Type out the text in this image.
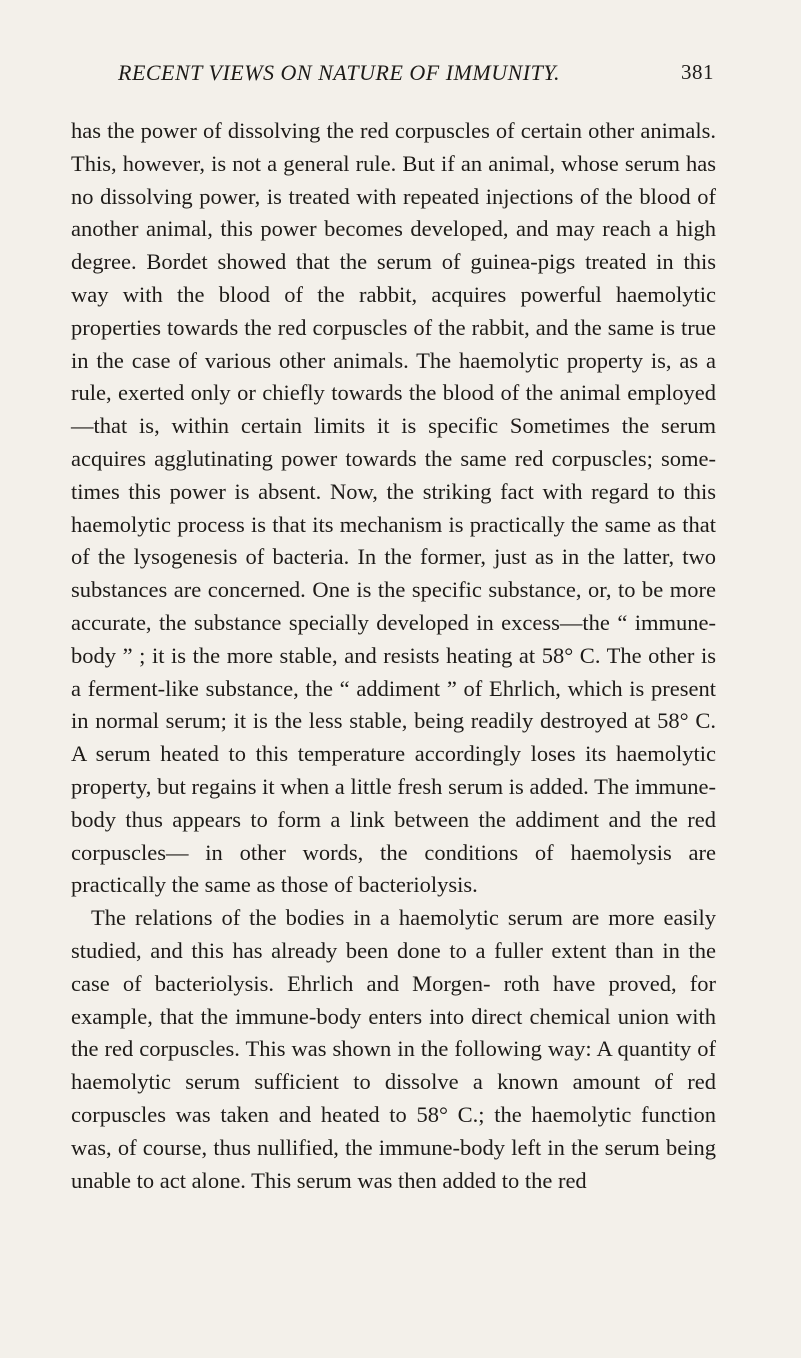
RECENT VIEWS ON NATURE OF IMMUNITY.	381

has the power of dissolving the red corpuscles of certain other animals. This, however, is not a general rule. But if an animal, whose serum has no dissolving power, is treated with repeated injections of the blood of another animal, this power becomes developed, and may reach a high degree. Bordet showed that the serum of guinea-pigs treated in this way with the blood of the rabbit, acquires powerful haemolytic properties towards the red corpuscles of the rabbit, and the same is true in the case of various other animals. The haemolytic property is, as a rule, exerted only or chiefly towards the blood of the animal employed—that is, within certain limits it is specific Sometimes the serum acquires agglutinating power towards the same red corpuscles; some- times this power is absent. Now, the striking fact with regard to this haemolytic process is that its mechanism is practically the same as that of the lysogenesis of bacteria. In the former, just as in the latter, two substances are concerned. One is the specific substance, or, to be more accurate, the substance specially developed in excess—the “ immune-body ” ; it is the more stable, and resists heating at 58° C. The other is a ferment-like substance, the “ addiment ” of Ehrlich, which is present in normal serum; it is the less stable, being readily destroyed at 58° C. A serum heated to this temperature accordingly loses its haemolytic property, but regains it when a little fresh serum is added. The immune-body thus appears to form a link between the addiment and the red corpuscles— in other words, the conditions of haemolysis are practically the same as those of bacteriolysis.

The relations of the bodies in a haemolytic serum are more easily studied, and this has already been done to a fuller extent than in the case of bacteriolysis. Ehrlich and Morgen- roth have proved, for example, that the immune-body enters into direct chemical union with the red corpuscles. This was shown in the following way: A quantity of haemolytic serum sufficient to dissolve a known amount of red corpuscles was taken and heated to 58° C.; the haemolytic function was, of course, thus nullified, the immune-body left in the serum being unable to act alone. This serum was then added to the red
